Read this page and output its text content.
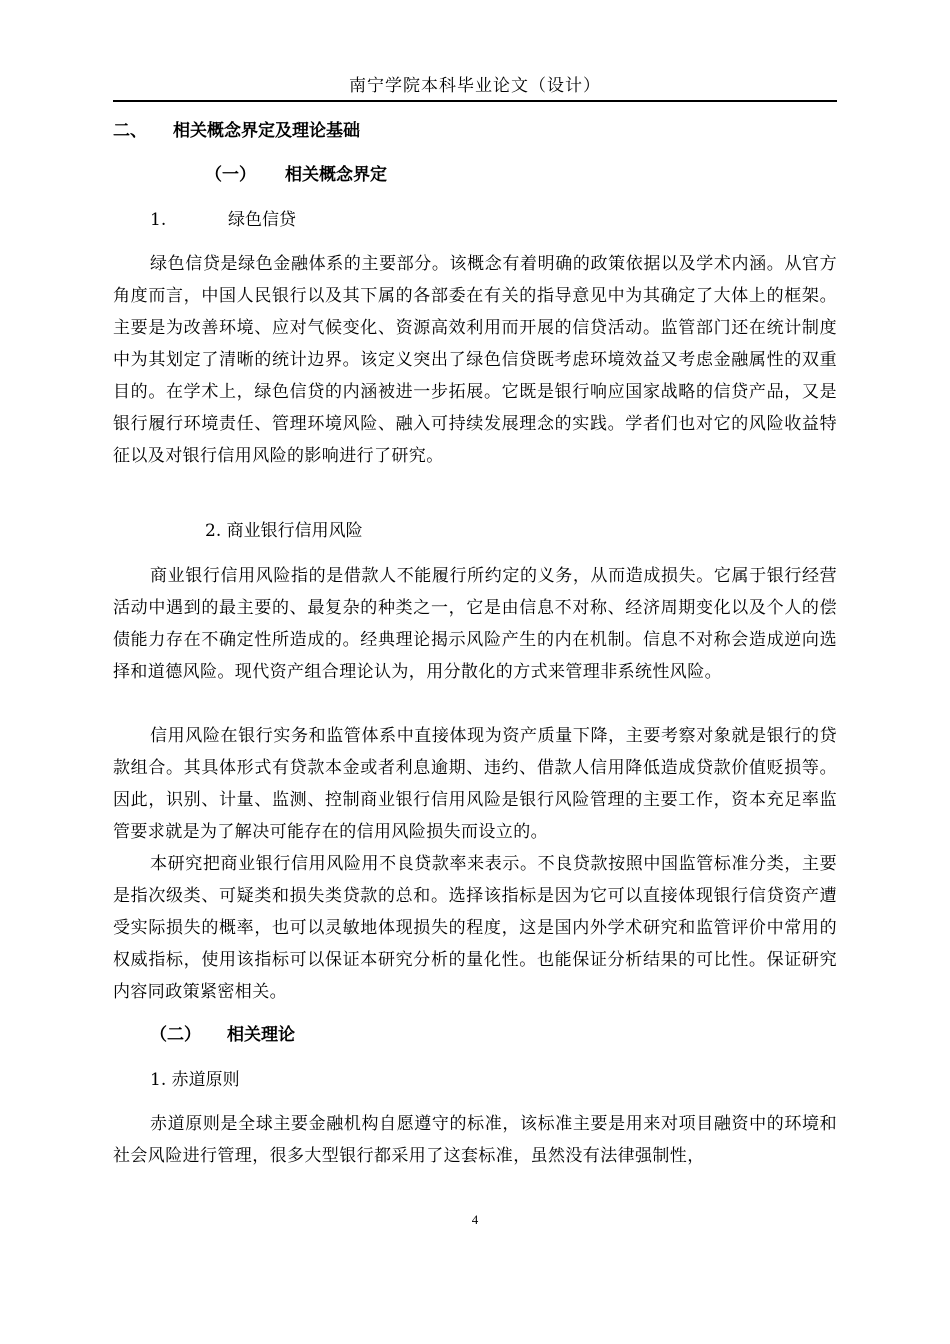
南宁学院本科毕业论文（设计）
二、 相关概念界定及理论基础
（一） 相关概念界定
1.	绿色信贷

绿色信贷是绿色金融体系的主要部分。该概念有着明确的政策依据以及学术内涵。从官方角度而言，中国人民银行以及其下属的各部委在有关的指导意见中为其确定了大体上的框架。主要是为改善环境、应对气候变化、资源高效利用而开展的信贷活动。监管部门还在统计制度中为其划定了清晰的统计边界。该定义突出了绿色信贷既考虑环境效益又考虑金融属性的双重目的。在学术上，绿色信贷的内涵被进一步拓展。它既是银行响应国家战略的信贷产品，又是银行履行环境责任、管理环境风险、融入可持续发展理念的实践。学者们也对它的风险收益特征以及对银行信用风险的影响进行了研究。

2. 商业银行信用风险

商业银行信用风险指的是借款人不能履行所约定的义务，从而造成损失。它属于银行经营活动中遇到的最主要的、最复杂的种类之一，它是由信息不对称、经济周期变化以及个人的偿债能力存在不确定性所造成的。经典理论揭示风险产生的内在机制。信息不对称会造成逆向选择和道德风险。现代资产组合理论认为，用分散化的方式来管理非系统性风险。

信用风险在银行实务和监管体系中直接体现为资产质量下降，主要考察对象就是银行的贷款组合。其具体形式有贷款本金或者利息逾期、违约、借款人信用降低造成贷款价值贬损等。因此，识别、计量、监测、控制商业银行信用风险是银行风险管理的主要工作，资本充足率监管要求就是为了解决可能存在的信用风险损失而设立的。

本研究把商业银行信用风险用不良贷款率来表示。不良贷款按照中国监管标准分类，主要是指次级类、可疑类和损失类贷款的总和。选择该指标是因为它可以直接体现银行信贷资产遭受实际损失的概率，也可以灵敏地体现损失的程度，这是国内外学术研究和监管评价中常用的权威指标，使用该指标可以保证本研究分析的量化性。也能保证分析结果的可比性。保证研究内容同政策紧密相关。

（二） 相关理论
1. 赤道原则

赤道原则是全球主要金融机构自愿遵守的标准，该标准主要是用来对项目融资中的环境和社会风险进行管理，很多大型银行都采用了这套标准，虽然没有法律强制性，

4
